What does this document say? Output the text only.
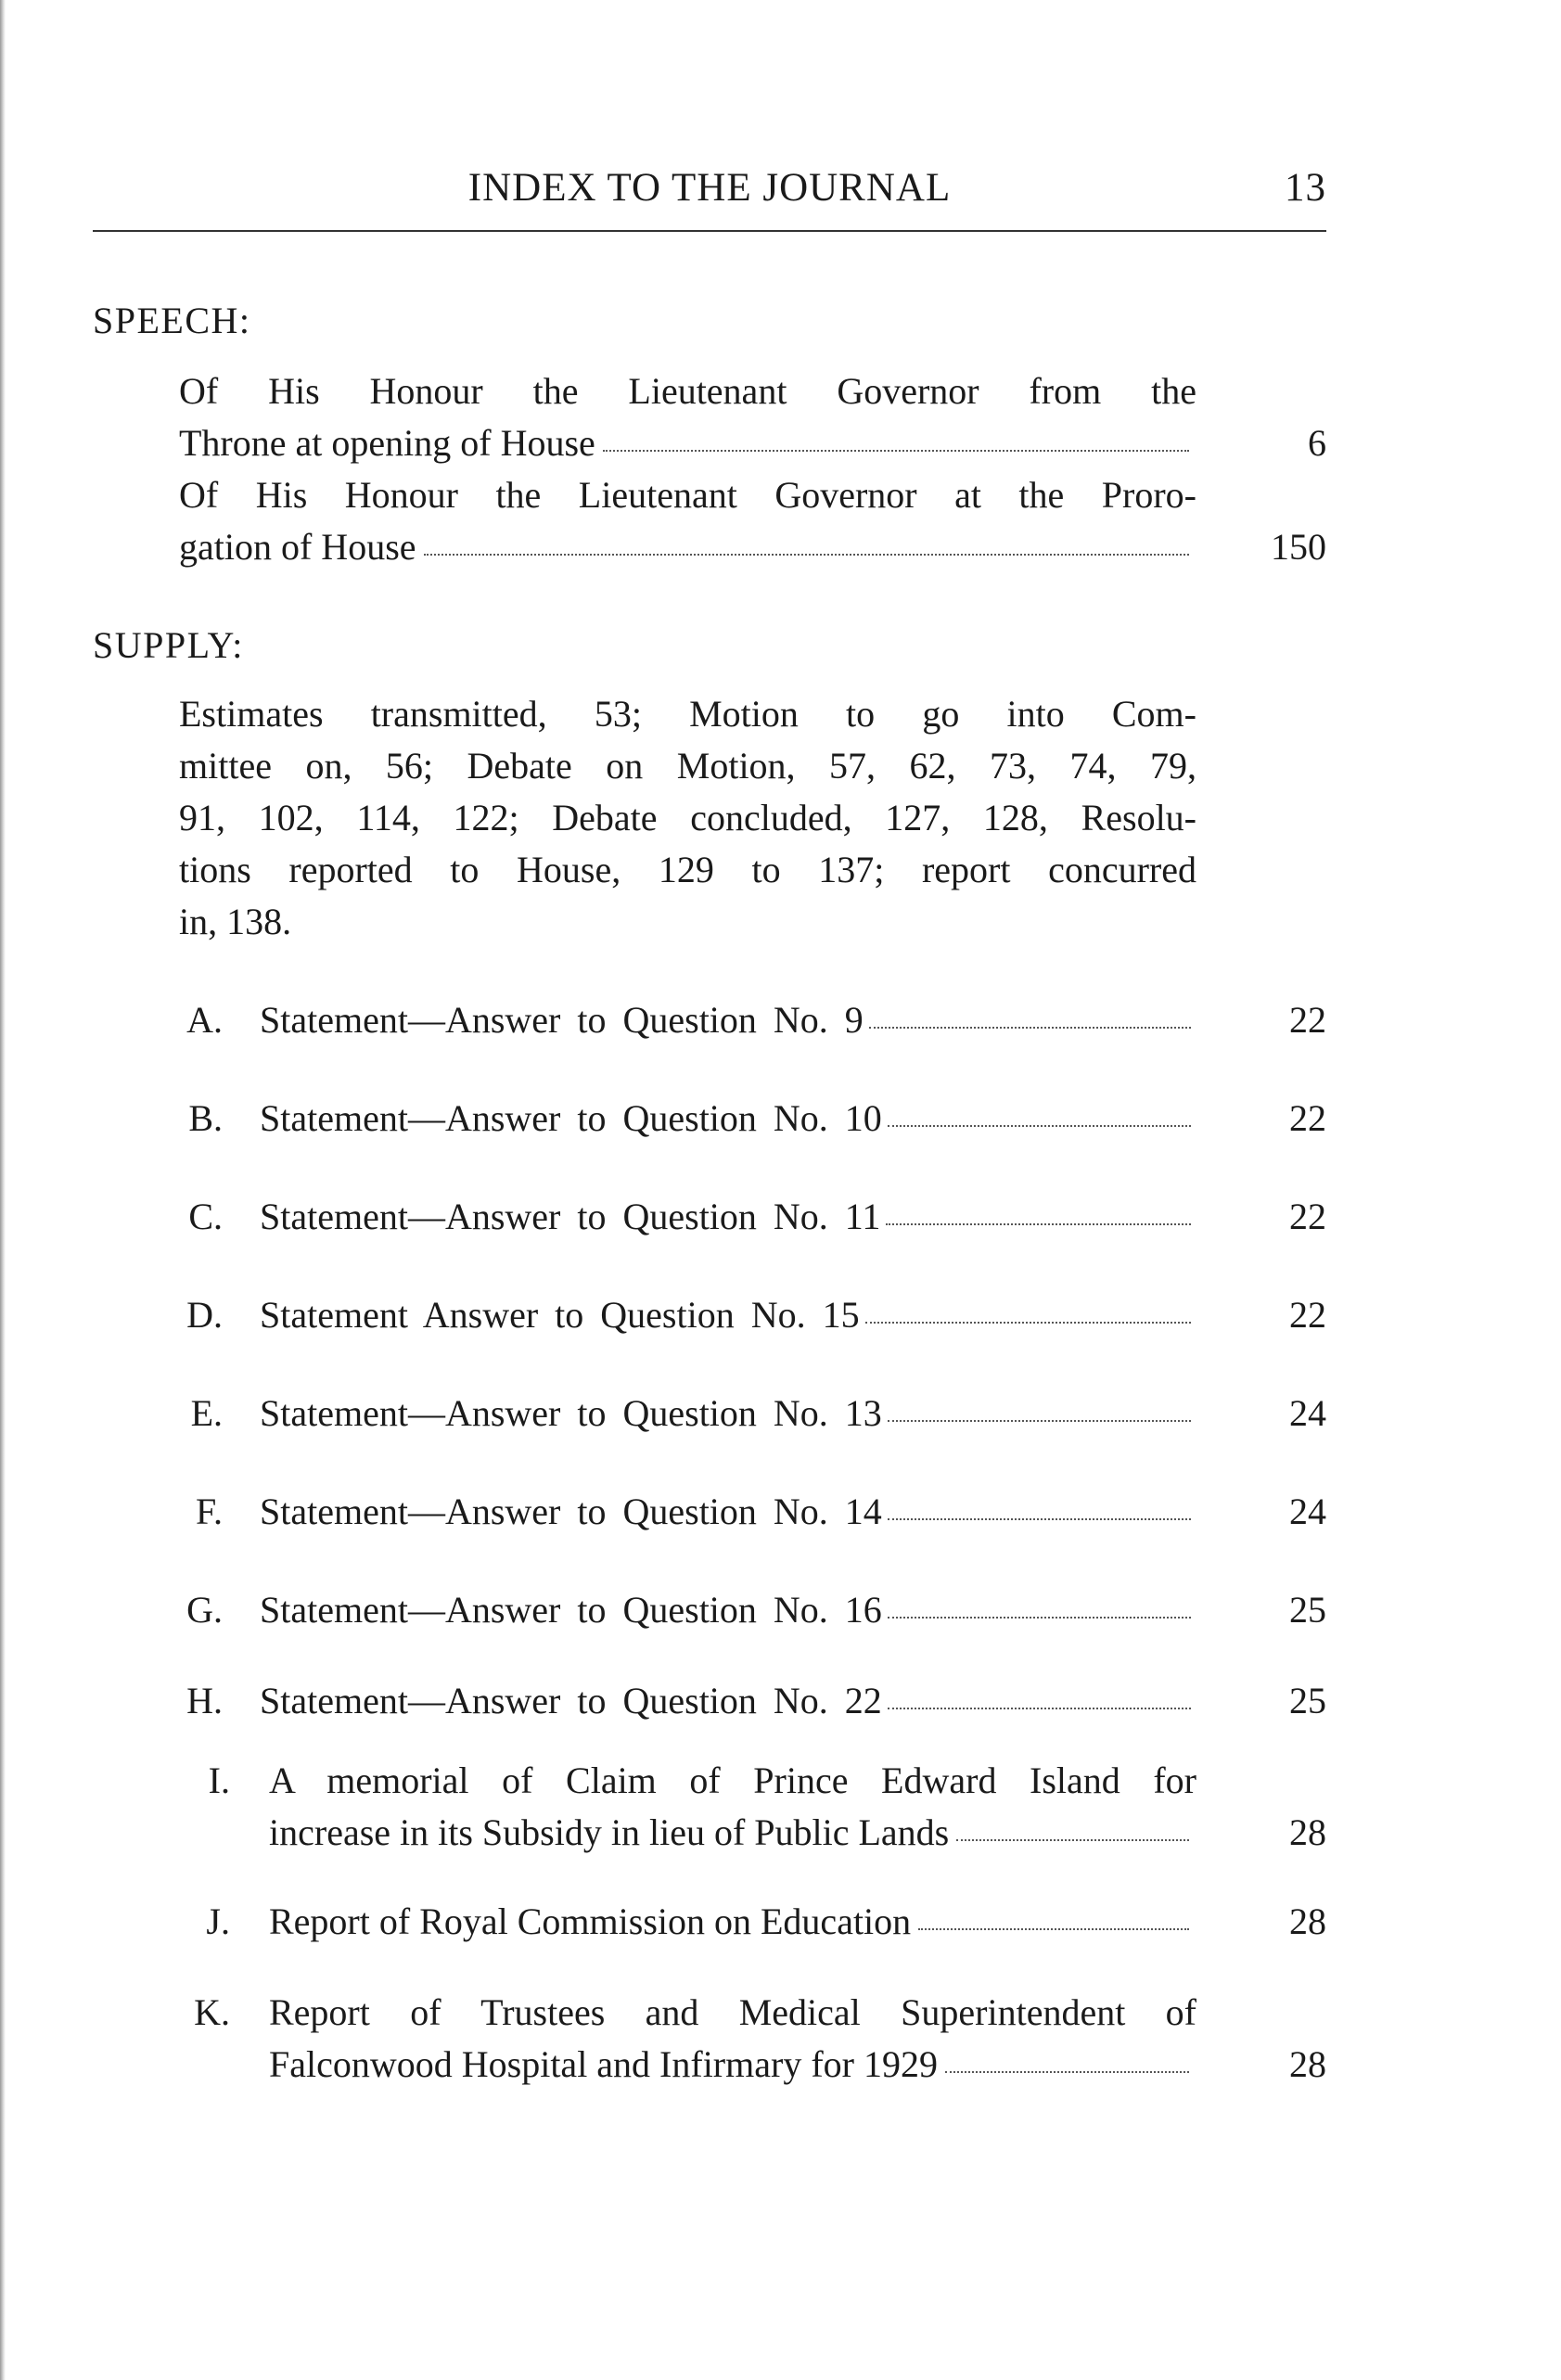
INDEX TO THE JOURNAL	13
SPEECH:
Of His Honour the Lieutenant Governor from the
Throne at opening of House	6
Of His Honour the Lieutenant Governor at the Proro-
gation of House	150
SUPPLY:
Estimates transmitted, 53; Motion to go into Com-
mittee on, 56; Debate on Motion, 57, 62, 73, 74, 79,
91, 102, 114, 122; Debate concluded, 127, 128, Resolu-
tions reported to House, 129 to 137; report concurred
in, 138.
A. Statement—Answer to Question No. 9	22
B. Statement—Answer to Question No. 10	22
C. Statement—Answer to Question No. 11	22
D. Statement Answer to Question No. 15	22
E. Statement—Answer to Question No. 13	24
F. Statement—Answer to Question No. 14	24
G. Statement—Answer to Question No. 16	25
H. Statement—Answer to Question No. 22	25
I. A memorial of Claim of Prince Edward Island for
increase in its Subsidy in lieu of Public Lands	28
J. Report of Royal Commission on Education	28
K. Report of Trustees and Medical Superintendent of
Falconwood Hospital and Infirmary for 1929	28
